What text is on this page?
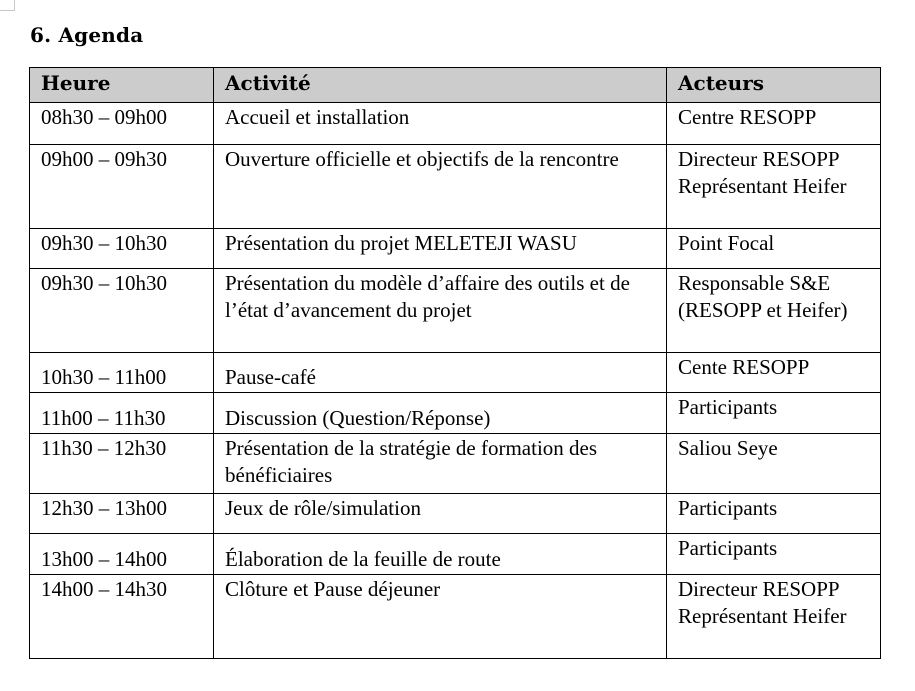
6. Agenda
Heure	Activité	Acteurs
08h30 – 09h00	Accueil et installation	Centre RESOPP

09h00 – 09h30	Ouverture officielle et objectifs de la rencontre	Directeur RESOPP
Représentant Heifer

09h30 – 10h30	Présentation du projet MELETEJI WASU	Point Focal

09h30 – 10h30	Présentation du modèle d’affaire des outils et de l’état d’avancement du projet	Responsable S&E (RESOPP et Heifer)

10h30 – 11h00	Pause-café	Cente RESOPP

11h00 – 11h30	Discussion (Question/Réponse)	Participants

11h30 – 12h30	Présentation de la stratégie de formation des bénéficiaires	Saliou Seye

12h30 – 13h00	Jeux de rôle/simulation	Participants

13h00 – 14h00	Élaboration de la feuille de route	Participants

14h00 – 14h30	Clôture et Pause déjeuner	Directeur RESOPP
Représentant Heifer
